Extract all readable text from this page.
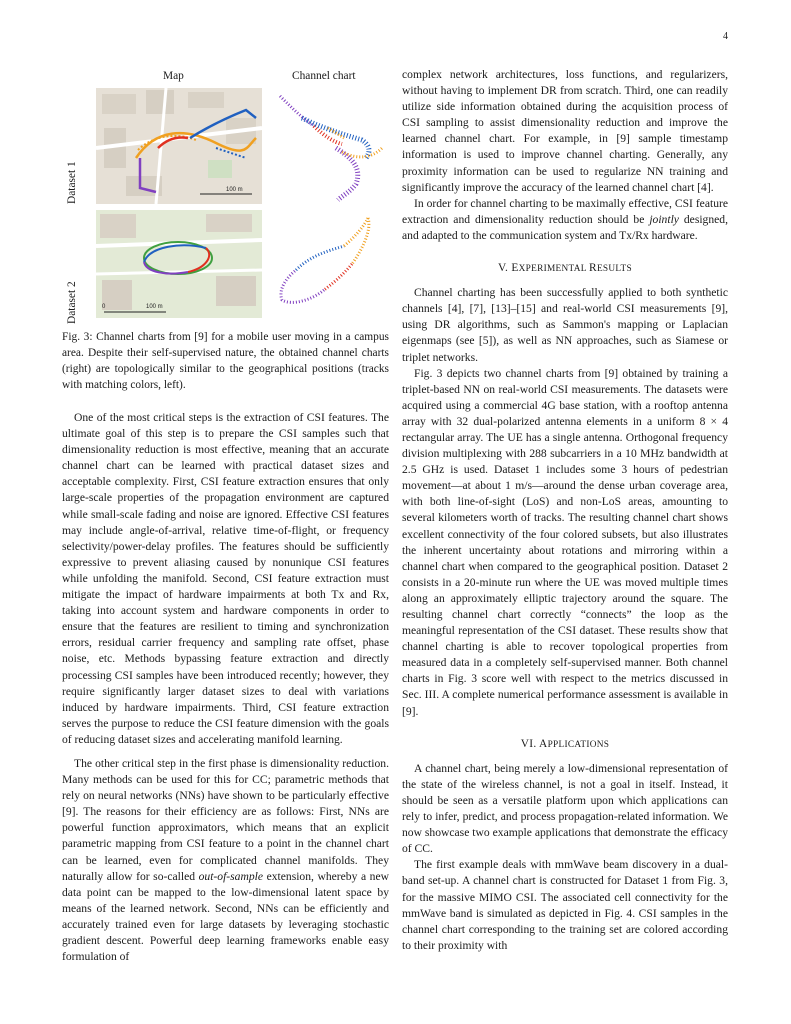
4
Map	Channel chart
Dataset 1
Dataset 2
100 m
0	100 m
Fig. 3: Channel charts from [9] for a mobile user moving in a campus area. Despite their self-supervised nature, the obtained channel charts (right) are topologically similar to the geographical positions (tracks with matching colors, left).

One of the most critical steps is the extraction of CSI features. The ultimate goal of this step is to prepare the CSI samples such that dimensionality reduction is most effective, meaning that an accurate channel chart can be learned with practical dataset sizes and acceptable complexity. First, CSI feature extraction ensures that only large-scale properties of the propagation environment are captured while small-scale fading and noise are ignored. Effective CSI features may include angle-of-arrival, relative time-of-flight, or frequency selectivity/power-delay profiles. The features should be sufficiently expressive to prevent aliasing caused by nonunique CSI features while unfolding the manifold. Second, CSI feature extraction must mitigate the impact of hardware impairments at both Tx and Rx, taking into account system and hardware components in order to ensure that the features are resilient to timing and synchronization errors, residual carrier frequency and sampling rate offset, phase noise, etc. Methods bypassing feature extraction and directly processing CSI samples have been introduced recently; however, they require significantly larger dataset sizes to deal with variations induced by hardware impairments. Third, CSI feature extraction serves the purpose to reduce the CSI feature dimension with the goals of reducing dataset sizes and accelerating manifold learning.

The other critical step in the first phase is dimensionality reduction. Many methods can be used for this for CC; parametric methods that rely on neural networks (NNs) have shown to be particularly effective [9]. The reasons for their efficiency are as follows: First, NNs are powerful function approximators, which means that an explicit parametric mapping from CSI feature to a point in the channel chart can be learned, even for complicated channel manifolds. They naturally allow for so-called out-of-sample extension, whereby a new data point can be mapped to the low-dimensional latent space by means of the learned network. Second, NNs can be efficiently and accurately trained even for large datasets by leveraging stochastic gradient descent. Powerful deep learning frameworks enable easy formulation of

complex network architectures, loss functions, and regularizers, without having to implement DR from scratch. Third, one can readily utilize side information obtained during the acquisition process of CSI sampling to assist dimensionality reduction and improve the learned channel chart. For example, in [9] sample timestamp information is used to improve channel charting. Generally, any proximity information can be used to regularize NN training and significantly improve the accuracy of the learned channel chart [4].

In order for channel charting to be maximally effective, CSI feature extraction and dimensionality reduction should be jointly designed, and adapted to the communication system and Tx/Rx hardware.

V. EXPERIMENTAL RESULTS

Channel charting has been successfully applied to both synthetic channels [4], [7], [13]–[15] and real-world CSI measurements [9], using DR algorithms, such as Sammon's mapping or Laplacian eigenmaps (see [5]), as well as NN approaches, such as Siamese or triplet networks.

Fig. 3 depicts two channel charts from [9] obtained by training a triplet-based NN on real-world CSI measurements. The datasets were acquired using a commercial 4G base station, with a rooftop antenna array with 32 dual-polarized antenna elements in a uniform 8 × 4 rectangular array. The UE has a single antenna. Orthogonal frequency division multiplexing with 288 subcarriers in a 10 MHz bandwidth at 2.5 GHz is used. Dataset 1 includes some 3 hours of pedestrian movement—at about 1 m/s—around the dense urban coverage area, with both line-of-sight (LoS) and non-LoS areas, amounting to several kilometers worth of tracks. The resulting channel chart shows excellent connectivity of the four colored subsets, but also illustrates the inherent uncertainty about rotations and mirroring within a channel chart when compared to the geographical position. Dataset 2 consists in a 20-minute run where the UE was moved multiple times along an approximately elliptic trajectory around the square. The resulting channel chart correctly “connects” the loop as the meaningful representation of the CSI dataset. These results show that channel charting is able to recover topological properties from measured data in a completely self-supervised manner. Both channel charts in Fig. 3 score well with respect to the metrics discussed in Sec. III. A complete numerical performance assessment is available in [9].

VI. APPLICATIONS

A channel chart, being merely a low-dimensional representation of the state of the wireless channel, is not a goal in itself. Instead, it should be seen as a versatile platform upon which applications can rely to infer, predict, and process propagation-related information. We now showcase two example applications that demonstrate the efficacy of CC.

The first example deals with mmWave beam discovery in a dual-band set-up. A channel chart is constructed for Dataset 1 from Fig. 3, for the massive MIMO CSI. The associated cell connectivity for the mmWave band is simulated as depicted in Fig. 4. CSI samples in the channel chart corresponding to the training set are colored according to their proximity with
